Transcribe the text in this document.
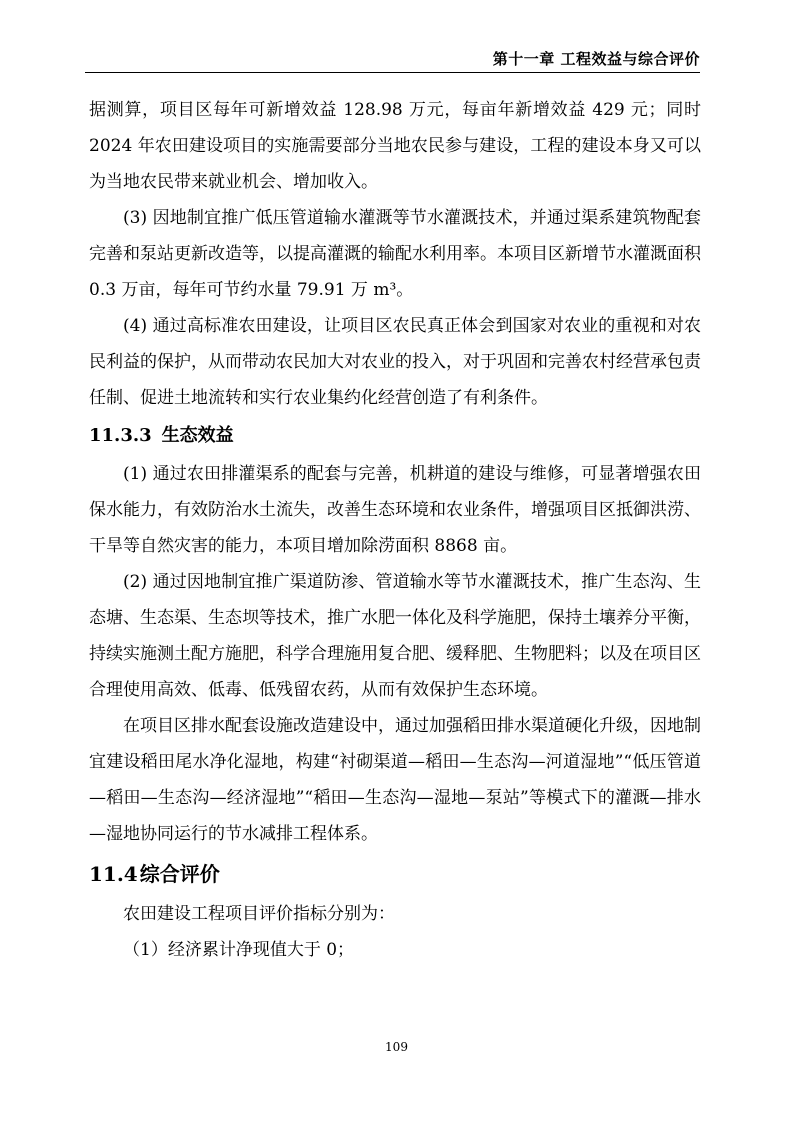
第十一章 工程效益与综合评价

据测算，项目区每年可新增效益 128.98 万元，每亩年新增效益 429 元；同时2024 年农田建设项目的实施需要部分当地农民参与建设，工程的建设本身又可以为当地农民带来就业机会、增加收入。

(3) 因地制宜推广低压管道输水灌溉等节水灌溉技术，并通过渠系建筑物配套完善和泵站更新改造等，以提高灌溉的输配水利用率。本项目区新增节水灌溉面积 0.3 万亩，每年可节约水量 79.91 万 m³。

(4) 通过高标准农田建设，让项目区农民真正体会到国家对农业的重视和对农民利益的保护，从而带动农民加大对农业的投入，对于巩固和完善农村经营承包责任制、促进土地流转和实行农业集约化经营创造了有利条件。

11.3.3 生态效益

(1) 通过农田排灌渠系的配套与完善，机耕道的建设与维修，可显著增强农田保水能力，有效防治水土流失，改善生态环境和农业条件，增强项目区抵御洪涝、干旱等自然灾害的能力，本项目增加除涝面积 8868 亩。

(2) 通过因地制宜推广渠道防渗、管道输水等节水灌溉技术，推广生态沟、生态塘、生态渠、生态坝等技术，推广水肥一体化及科学施肥，保持土壤养分平衡，持续实施测土配方施肥，科学合理施用复合肥、缓释肥、生物肥料；以及在项目区合理使用高效、低毒、低残留农药，从而有效保护生态环境。

在项目区排水配套设施改造建设中，通过加强稻田排水渠道硬化升级，因地制宜建设稻田尾水净化湿地，构建“衬砌渠道—稻田—生态沟—河道湿地”“低压管道—稻田—生态沟—经济湿地”“稻田—生态沟—湿地—泵站”等模式下的灌溉—排水—湿地协同运行的节水减排工程体系。

11.4 综合评价

农田建设工程项目评价指标分别为：

（1）经济累计净现值大于 0；

109
